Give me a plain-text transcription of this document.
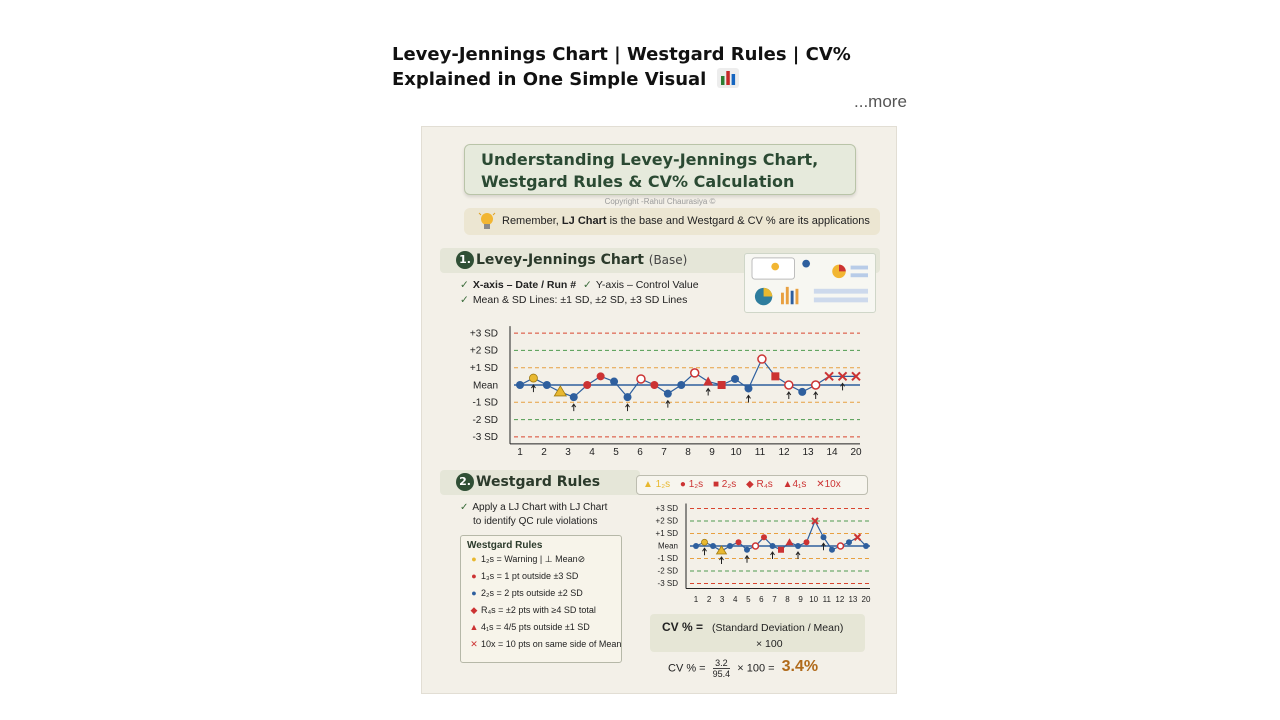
Levey-Jennings Chart | Westgard Rules | CV%
Explained in One Simple Visual
...more
Understanding Levey-Jennings Chart,
Westgard Rules & CV% Calculation
Copyright -Rahul Chaurasiya ©
Remember, LJ Chart is the base and Westgard & CV % are its applications
1. Levey-Jennings Chart (Base)
✓ X-axis – Date / Run # ✓ Y-axis – Control Value
✓ Mean & SD Lines: ±1 SD, ±2 SD, ±3 SD Lines
+3 SD
+2 SD
+1 SD
Mean
-1 SD
-2 SD
-3 SD
1 2 3 4 5 6 7 8 9 10 11 12 13 14 20
2. Westgard Rules	▲ 1₂s ● 1₂s ■ 2₂s ◆ R₄s ▲4₁s ✕10x
✓ Apply a LJ Chart with LJ Chart
to identify QC rule violations
Westgard Rules
● 1₂s = Warning | ⊥ Mean⊘
● 1₃s = 1 pt outside ±3 SD
● 2₂s = 2 pts outside ±2 SD
◆ R₄s = ±2 pts with ≥4 SD total
▲ 4₁s = 4/5 pts outside ±1 SD
✕ 10x = 10 pts on same side of Mean
+3 SD
+2 SD
+1 SD
Mean
-1 SD
-2 SD
-3 SD
1 2 3 4 5 6 7 8 9 10 11 12 13 20
CV % = (Standard Deviation / Mean)
× 100
CV % = $\frac{3.2}{95.4} \times 100 = 3.4\%$
